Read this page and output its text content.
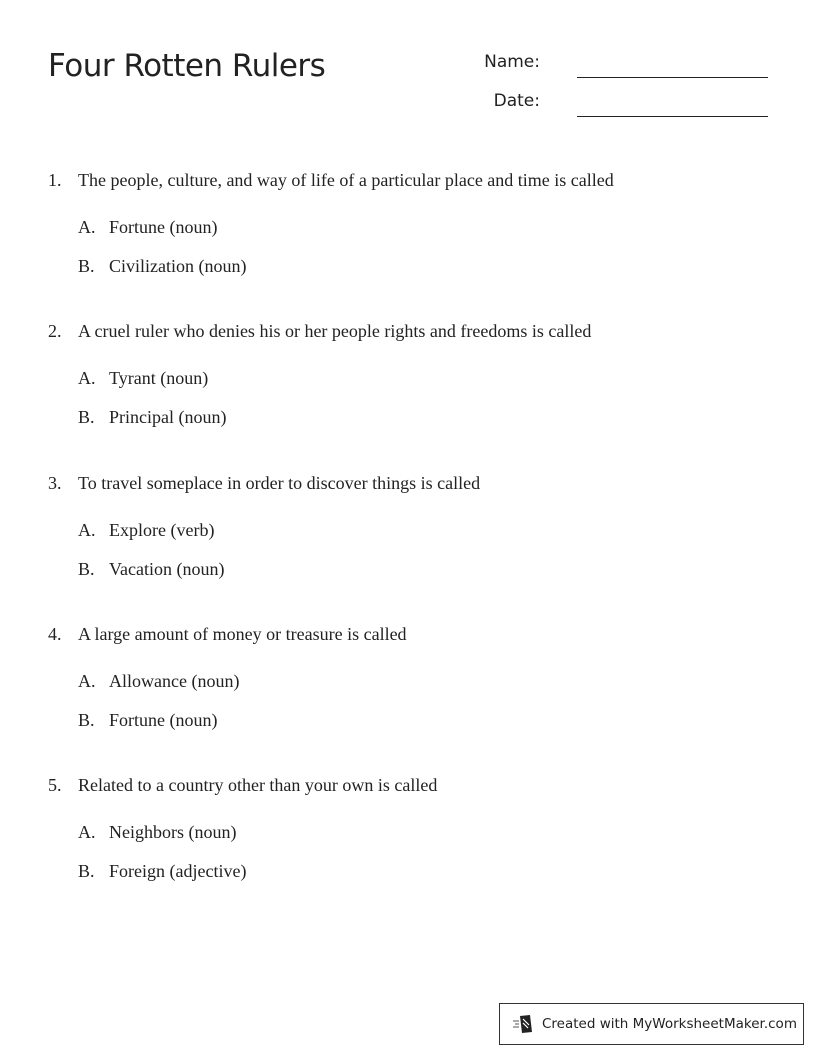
Four Rotten Rulers	Name:
Date:
1. The people, culture, and way of life of a particular place and time is called
A. Fortune (noun)
B. Civilization (noun)
2. A cruel ruler who denies his or her people rights and freedoms is called
A. Tyrant (noun)
B. Principal (noun)
3. To travel someplace in order to discover things is called
A. Explore (verb)
B. Vacation (noun)
4. A large amount of money or treasure is called
A. Allowance (noun)
B. Fortune (noun)
5. Related to a country other than your own is called
A. Neighbors (noun)
B. Foreign (adjective)
Created with MyWorksheetMaker.com
